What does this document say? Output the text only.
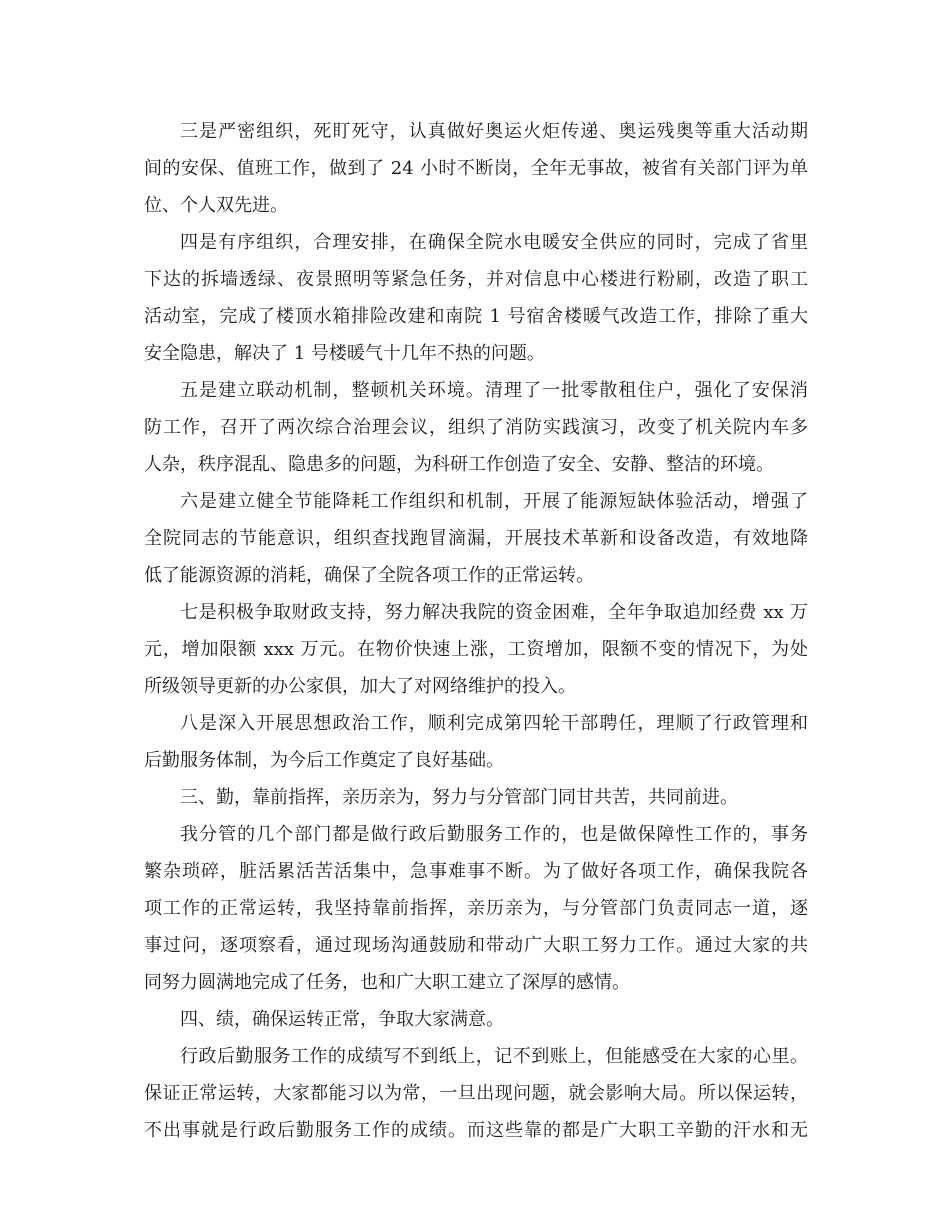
三是严密组织，死盯死守，认真做好奥运火炬传递、奥运残奥等重大活动期
间的安保、值班工作，做到了 24 小时不断岗，全年无事故，被省有关部门评为单
位、个人双先进。
四是有序组织，合理安排，在确保全院水电暖安全供应的同时，完成了省里
下达的拆墙透绿、夜景照明等紧急任务，并对信息中心楼进行粉刷，改造了职工
活动室，完成了楼顶水箱排险改建和南院 1 号宿舍楼暖气改造工作，排除了重大
安全隐患，解决了 1 号楼暖气十几年不热的问题。
五是建立联动机制，整顿机关环境。清理了一批零散租住户，强化了安保消
防工作，召开了两次综合治理会议，组织了消防实践演习，改变了机关院内车多
人杂，秩序混乱、隐患多的问题，为科研工作创造了安全、安静、整洁的环境。
六是建立健全节能降耗工作组织和机制，开展了能源短缺体验活动，增强了
全院同志的节能意识，组织查找跑冒滴漏，开展技术革新和设备改造，有效地降
低了能源资源的消耗，确保了全院各项工作的正常运转。
七是积极争取财政支持，努力解决我院的资金困难，全年争取追加经费 xx 万
元，增加限额 xxx 万元。在物价快速上涨，工资增加，限额不变的情况下，为处
所级领导更新的办公家俱，加大了对网络维护的投入。
八是深入开展思想政治工作，顺利完成第四轮干部聘任，理顺了行政管理和
后勤服务体制，为今后工作奠定了良好基础。
三、勤，靠前指挥，亲历亲为，努力与分管部门同甘共苦，共同前进。
我分管的几个部门都是做行政后勤服务工作的，也是做保障性工作的，事务
繁杂琐碎，脏活累活苦活集中，急事难事不断。为了做好各项工作，确保我院各
项工作的正常运转，我坚持靠前指挥，亲历亲为，与分管部门负责同志一道，逐
事过问，逐项察看，通过现场沟通鼓励和带动广大职工努力工作。通过大家的共
同努力圆满地完成了任务，也和广大职工建立了深厚的感情。
四、绩，确保运转正常，争取大家满意。
行政后勤服务工作的成绩写不到纸上，记不到账上，但能感受在大家的心里。
保证正常运转，大家都能习以为常，一旦出现问题，就会影响大局。所以保运转，
不出事就是行政后勤服务工作的成绩。而这些靠的都是广大职工辛勤的汗水和无
